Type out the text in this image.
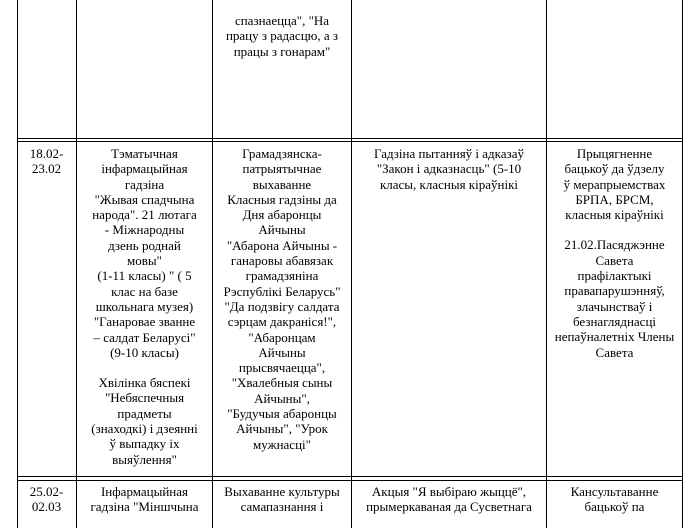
спазнаецца", "На

працу з радасцю, а з

працы з гонарам"

18.02-

23.02

Тэматычная

інфармацыйная

гадзіна

"Жывая спадчына

народа". 21 лютага

- Міжнародны

дзень роднай

мовы"

(1-11 класы) " ( 5

клас на базе

школьнага музея)

"Ганаровае званне

– салдат Беларусі"

(9-10 класы)

Хвілінка бяспекі

"Небяспечныя

прадметы

(знаходкі) і дзеянні

ў выпадку іх

выяўлення"

Грамадзянска-

патрыятычнае

выхаванне

Класныя гадзіны да

Дня абаронцы

Айчыны

"Абарона Айчыны -

ганаровы абавязак

грамадзяніна

Рэспублікі Беларусь"

"Да подзвігу салдата

сэрцам дакраніся!",

"Абаронцам

Айчыны

прысвячаецца",

"Хвалебныя сыны

Айчыны",

"Будучыя абаронцы

Айчыны", "Урок

мужнасці"

Гадзіна пытанняў і адказаў

"Закон і адказнасць" (5-10

класы, класныя кіраўнікі

Прыцягненне

бацькоў да ўдзелу

ў мерапрыемствах

БРПА, БРСМ,

класныя кіраўнікі

21.02.Пасяджэнне

Савета

прафілактыкі

правапарушэнняў,

злачынстваў і

безнагляднасці

непаўналетніх Члены Савета

25.02-

02.03

Інфармацыйная

гадзіна "Міншчына

Выхаванне культуры

самапазнання і

Акцыя "Я выбіраю жыццё",

прымеркаваная да Сусветнага

Кансультаванне

бацькоў па
